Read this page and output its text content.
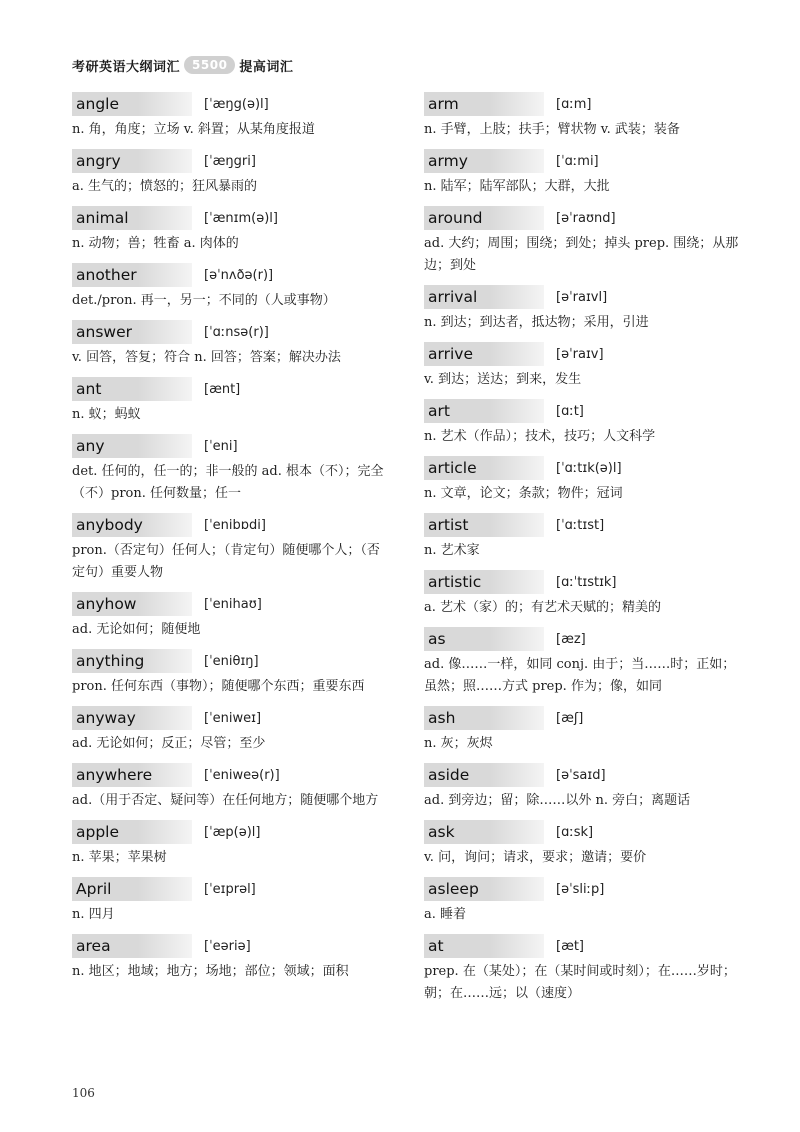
考研英语大纲词汇	5500 提高词汇
angle	[ˈæŋg(ə)l]
n. 角，角度；立场 v. 斜置；从某角度报道
angry	[ˈæŋgri]
a. 生气的；愤怒的；狂风暴雨的
animal	[ˈænɪm(ə)l]
n. 动物；兽；牲畜 a. 肉体的
another	[əˈnʌðə(r)]
det./pron. 再一，另一；不同的（人或事物）
answer	[ˈɑːnsə(r)]
v. 回答，答复；符合 n. 回答；答案；解决办法
ant	[ænt]
n. 蚁；蚂蚁
any	[ˈeni]
det. 任何的，任一的；非一般的 ad. 根本（不）；完全（不）pron. 任何数量；任一
anybody	[ˈenibɒdi]
pron.（否定句）任何人；（肯定句）随便哪个人；（否定句）重要人物
anyhow	[ˈenihaʊ]
ad. 无论如何；随便地
anything	[ˈeniθɪŋ]
pron. 任何东西（事物）；随便哪个东西；重要东西
anyway	[ˈeniweɪ]
ad. 无论如何；反正；尽管；至少
anywhere	[ˈeniweə(r)]
ad.（用于否定、疑问等）在任何地方；随便哪个地方
apple	[ˈæp(ə)l]
n. 苹果；苹果树
April	[ˈeɪprəl]
n. 四月
area	[ˈeəriə]
n. 地区；地域；地方；场地；部位；领域；面积
arm	[ɑːm]
n. 手臂，上肢；扶手；臂状物 v. 武装；装备
army	[ˈɑːmi]
n. 陆军；陆军部队；大群，大批
around	[əˈraʊnd]
ad. 大约；周围；围绕；到处；掉头 prep. 围绕；从那边；到处
arrival	[əˈraɪvl]
n. 到达；到达者，抵达物；采用，引进
arrive	[əˈraɪv]
v. 到达；送达；到来，发生
art	[ɑːt]
n. 艺术（作品）；技术，技巧；人文科学
article	[ˈɑːtɪk(ə)l]
n. 文章，论文；条款；物件；冠词
artist	[ˈɑːtɪst]
n. 艺术家
artistic	[ɑːˈtɪstɪk]
a. 艺术（家）的；有艺术天赋的；精美的
as	[æz]
ad. 像……一样，如同 conj. 由于；当……时；正如；虽然；照……方式 prep. 作为；像，如同
ash	[æʃ]
n. 灰；灰烬
aside	[əˈsaɪd]
ad. 到旁边；留；除……以外 n. 旁白；离题话
ask	[ɑːsk]
v. 问，询问；请求，要求；邀请；要价
asleep	[əˈsliːp]
a. 睡着
at	[æt]
prep. 在（某处）；在（某时间或时刻）；在……岁时；朝；在……远；以（速度）
106
